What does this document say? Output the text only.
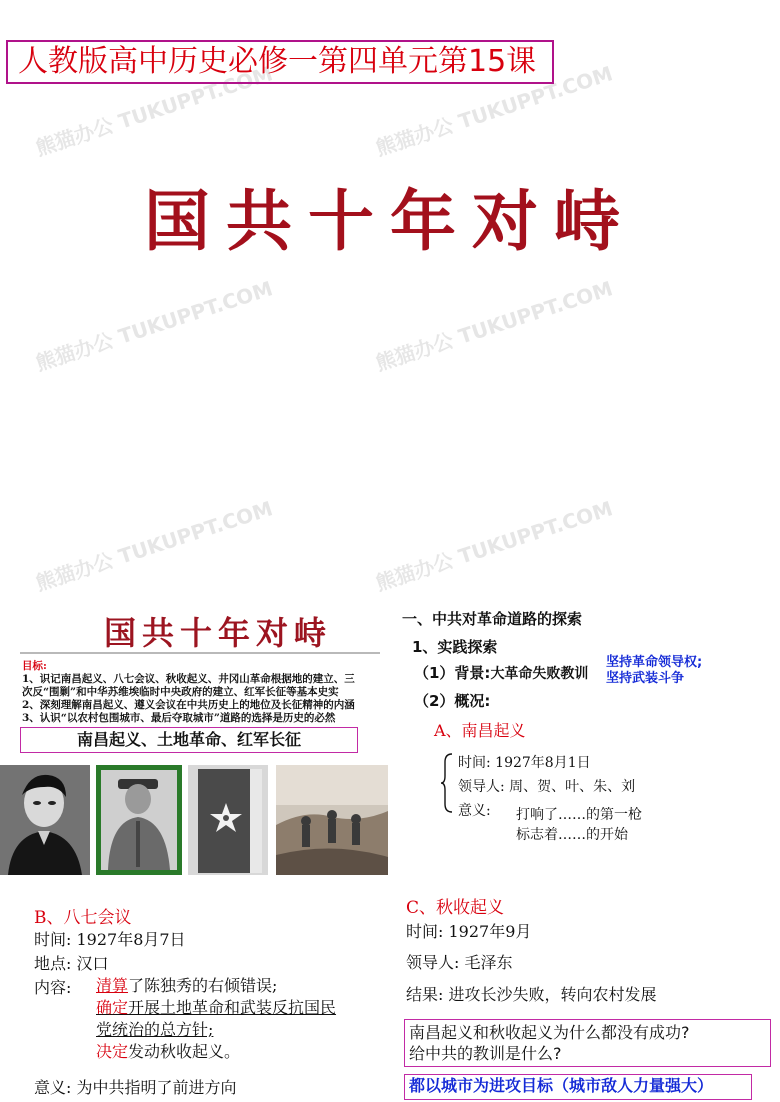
熊猫办公 TUKUPPT.COM	熊猫办公 TUKUPPT.COM
熊猫办公 TUKUPPT.COM	熊猫办公 TUKUPPT.COM
熊猫办公 TUKUPPT.COM	熊猫办公 TUKUPPT.COM
人教版高中历史必修一第四单元第15课
国共十年对峙
国共十年对峙
目标:
1、识记南昌起义、八七会议、秋收起义、井冈山革命根据地的建立、三
次反“围剿”和中华苏维埃临时中央政府的建立、红军长征等基本史实
2、深刻理解南昌起义、遵义会议在中共历史上的地位及长征精神的内涵
3、认识“以农村包围城市、最后夺取城市”道路的选择是历史的必然
南昌起义、土地革命、红军长征
一、中共对革命道路的探索
1、实践探索
（1）背景:大革命失败教训
坚持革命领导权;
坚持武装斗争
（2）概况:
A、南昌起义
时间: 1927年8月1日
领导人: 周、贺、叶、朱、刘
意义: 打响了……的第一枪
标志着……的开始
B、八七会议
时间: 1927年8月7日
地点: 汉口
内容: 清算了陈独秀的右倾错误;
确定开展土地革命和武装反抗国民
党统治的总方针;
决定发动秋收起义。
意义: 为中共指明了前进方向
C、秋收起义
时间: 1927年9月
领导人: 毛泽东
结果: 进攻长沙失败，转向农村发展
南昌起义和秋收起义为什么都没有成功?
给中共的教训是什么?
都以城市为进攻目标（城市敌人力量强大）
